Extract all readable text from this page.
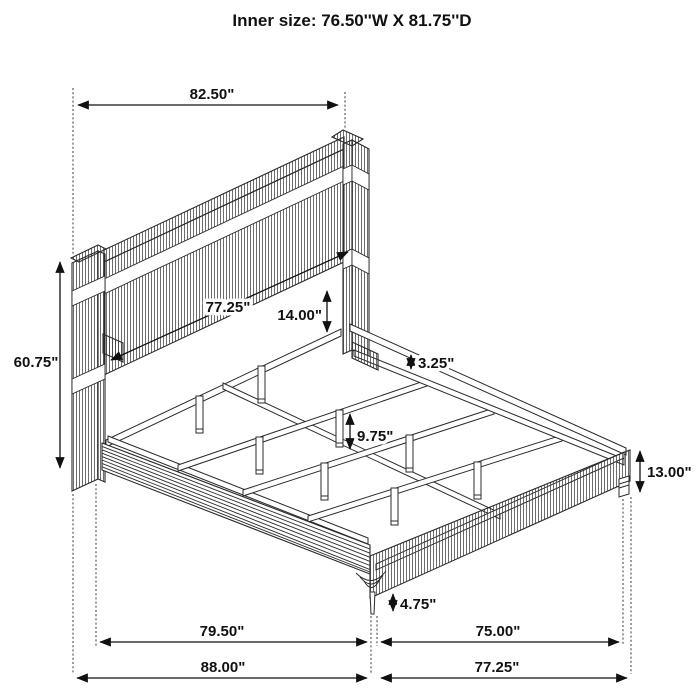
82.50"
60.75"
77.25" 14.00"
3.25"
9.75"
13.00"
4.75"
79.50"	75.00"
88.00"	77.25"
Inner size: 76.50''W X 81.75''D
